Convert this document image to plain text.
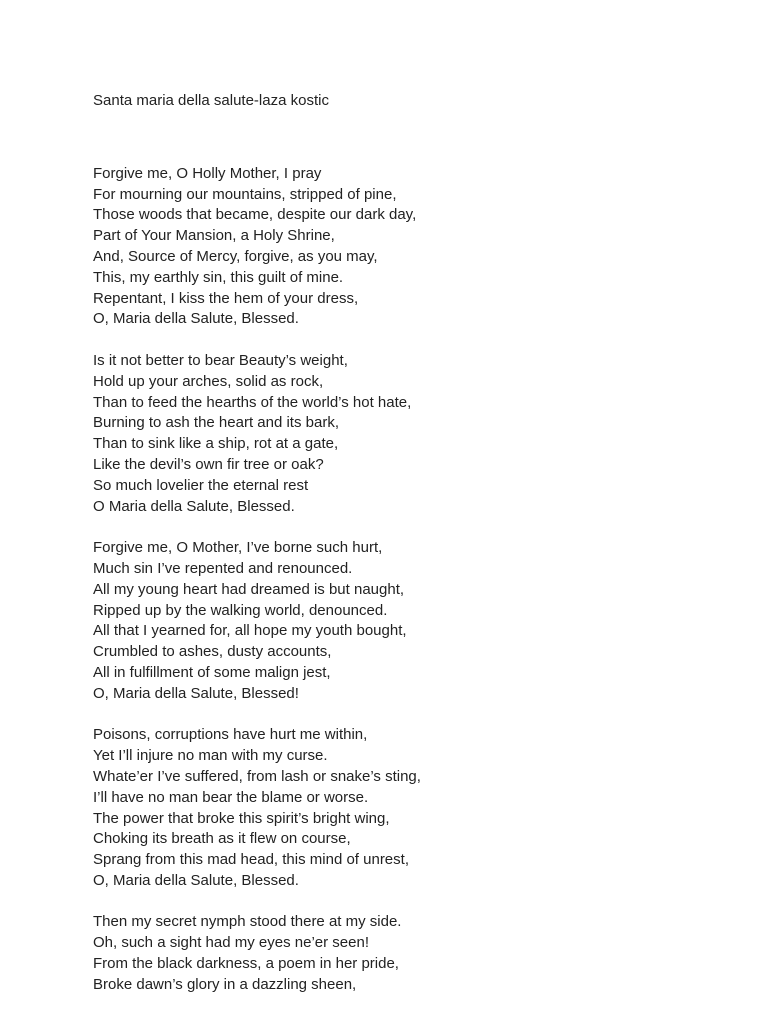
Santa maria della salute-laza kostic
Forgive me, O Holly Mother, I pray
For mourning our mountains, stripped of pine,
Those woods that became, despite our dark day,
Part of Your Mansion, a Holy Shrine,
And, Source of Mercy, forgive, as you may,
This, my earthly sin, this guilt of mine.
Repentant, I kiss the hem of your dress,
O, Maria della Salute, Blessed.
Is it not better to bear Beauty’s weight,
Hold up your arches, solid as rock,
Than to feed the hearths of the world’s hot hate,
Burning to ash the heart and its bark,
Than to sink like a ship, rot at a gate,
Like the devil’s own fir tree or oak?
So much lovelier the eternal rest
O Maria della Salute, Blessed.
Forgive me, O Mother, I’ve borne such hurt,
Much sin I’ve repented and renounced.
All my young heart had dreamed is but naught,
Ripped up by the walking world, denounced.
All that I yearned for, all hope my youth bought,
Crumbled to ashes, dusty accounts,
All in fulfillment of some malign jest,
O, Maria della Salute, Blessed!
Poisons, corruptions have hurt me within,
Yet I’ll injure no man with my curse.
Whate’er I’ve suffered, from lash or snake’s sting,
I’ll have no man bear the blame or worse.
The power that broke this spirit’s bright wing,
Choking its breath as it flew on course,
Sprang from this mad head, this mind of unrest,
O, Maria della Salute, Blessed.
Then my secret nymph stood there at my side.
Oh, such a sight had my eyes ne’er seen!
From the black darkness, a poem in her pride,
Broke dawn’s glory in a dazzling sheen,
